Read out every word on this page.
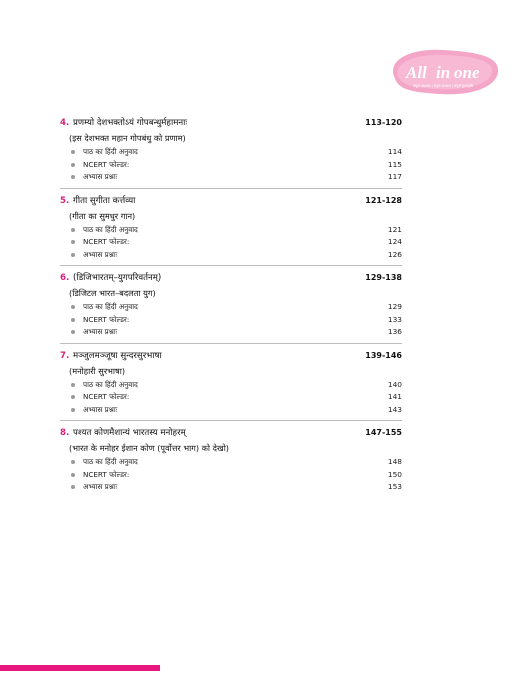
All in one
संपूर्ण अध्ययन | संपूर्ण अभ्यास | संपूर्ण पुनरावृत्ति
4. प्रणम्यो देशभक्तोऽयं गोपबन्धुर्महामनाः	113-120
(इस देशभक्त महान गोपबंधु को प्रणाम)
पाठ का हिंदी अनुवाद	114
NCERT फोल्डर:	115
अभ्यास प्रश्नाः	117
5. गीता सुगीता कर्त्तव्या	121-128
(गीता का सुमधुर गान)
पाठ का हिंदी अनुवाद	121
NCERT फोल्डर:	124
अभ्यास प्रश्नाः	126
6. (डिजिभारतम्–युगपरिवर्तनम्)	129-138
(डिजिटल भारत–बदलता युग)
पाठ का हिंदी अनुवाद	129
NCERT फोल्डर:	133
अभ्यास प्रश्नाः	136
7. मञ्जुलमञ्जूषा सुन्दरसुरभाषा	139-146
(मनोहारी सुरभाषा)
पाठ का हिंदी अनुवाद	140
NCERT फोल्डर:	141
अभ्यास प्रश्नाः	143
8. पश्यत कोणमैशान्यं भारतस्य मनोहरम्	147-155
(भारत के मनोहर ईशान कोण (पूर्वोत्तर भाग) को देखो)
पाठ का हिंदी अनुवाद	148
NCERT फोल्डर:	150
अभ्यास प्रश्नाः	153
